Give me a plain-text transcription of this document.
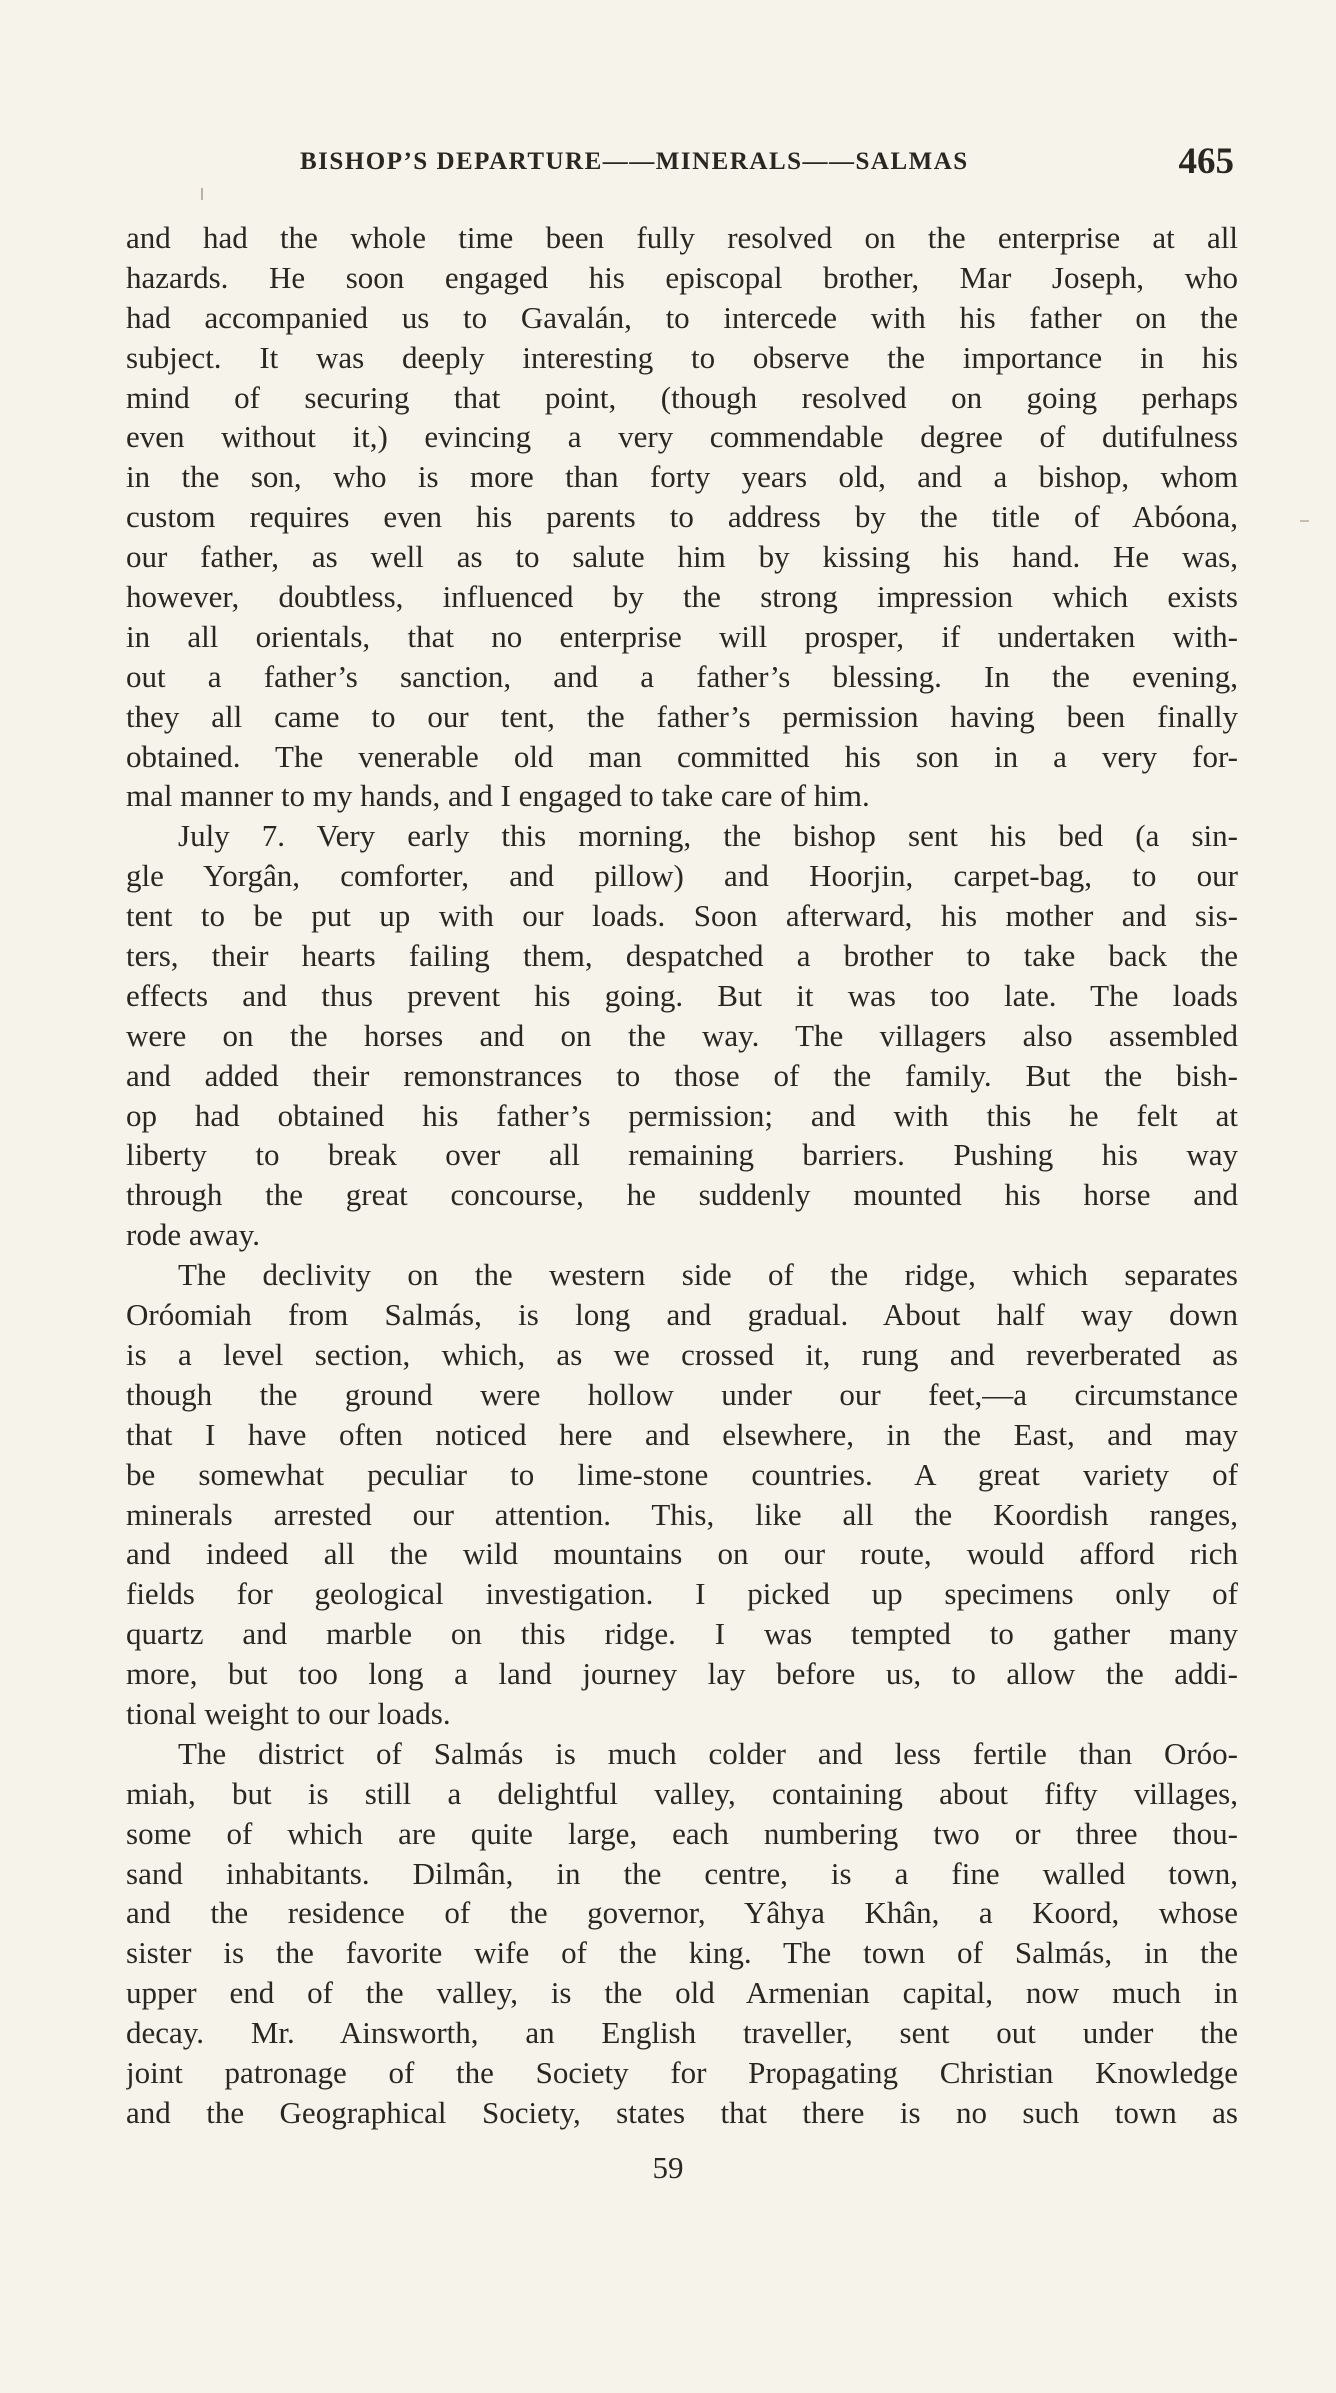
BISHOP’S DEPARTURE——MINERALS——SALMAS	465
and had the whole time been fully resolved on the enterprise at all
hazards. He soon engaged his episcopal brother, Mar Joseph, who
had accompanied us to Gavalán, to intercede with his father on the
subject. It was deeply interesting to observe the importance in his
mind of securing that point, (though resolved on going perhaps
even without it,) evincing a very commendable degree of dutifulness
in the son, who is more than forty years old, and a bishop, whom
custom requires even his parents to address by the title of Abóona,
our father, as well as to salute him by kissing his hand. He was,
however, doubtless, influenced by the strong impression which exists
in all orientals, that no enterprise will prosper, if undertaken with-
out a father’s sanction, and a father’s blessing. In the evening,
they all came to our tent, the father’s permission having been finally
obtained. The venerable old man committed his son in a very for-
mal manner to my hands, and I engaged to take care of him.
July 7. Very early this morning, the bishop sent his bed (a sin-
gle Yorgân, comforter, and pillow) and Hoorjin, carpet-bag, to our
tent to be put up with our loads. Soon afterward, his mother and sis-
ters, their hearts failing them, despatched a brother to take back the
effects and thus prevent his going. But it was too late. The loads
were on the horses and on the way. The villagers also assembled
and added their remonstrances to those of the family. But the bish-
op had obtained his father’s permission; and with this he felt at
liberty to break over all remaining barriers. Pushing his way
through the great concourse, he suddenly mounted his horse and
rode away.
The declivity on the western side of the ridge, which separates
Oróomiah from Salmás, is long and gradual. About half way down
is a level section, which, as we crossed it, rung and reverberated as
though the ground were hollow under our feet,—a circumstance
that I have often noticed here and elsewhere, in the East, and may
be somewhat peculiar to lime-stone countries. A great variety of
minerals arrested our attention. This, like all the Koordish ranges,
and indeed all the wild mountains on our route, would afford rich
fields for geological investigation. I picked up specimens only of
quartz and marble on this ridge. I was tempted to gather many
more, but too long a land journey lay before us, to allow the addi-
tional weight to our loads.
The district of Salmás is much colder and less fertile than Oróo-
miah, but is still a delightful valley, containing about fifty villages,
some of which are quite large, each numbering two or three thou-
sand inhabitants. Dilmân, in the centre, is a fine walled town,
and the residence of the governor, Yâhya Khân, a Koord, whose
sister is the favorite wife of the king. The town of Salmás, in the
upper end of the valley, is the old Armenian capital, now much in
decay. Mr. Ainsworth, an English traveller, sent out under the
joint patronage of the Society for Propagating Christian Knowledge
and the Geographical Society, states that there is no such town as
59
